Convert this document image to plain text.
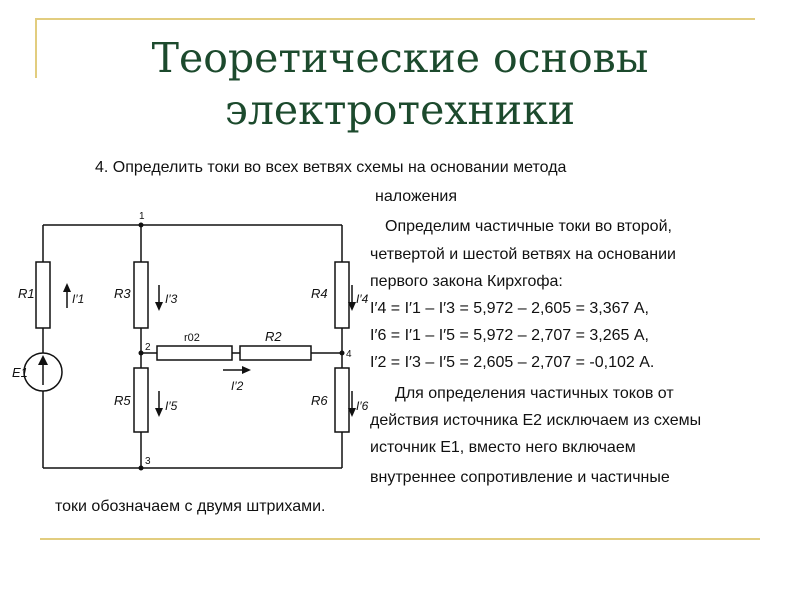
Теоретические основы
электротехники
4. Определить токи во всех ветвях схемы на основании метода
наложения
Определим частичные токи во второй,
четвертой и шестой ветвях на основании
первого закона Кирхгофа:
I′4 = I′1 – I′3 = 5,972 – 2,605 = 3,367 А,
I′6 = I′1 – I′5 = 5,972 – 2,707 = 3,265 А,
I′2 = I′3 – I′5 = 2,605 – 2,707 = -0,102 А.
Для определения частичных токов от
действия источника Е2 исключаем из схемы
источник Е1, вместо него включаем
внутреннее сопротивление и частичные
токи обозначаем с двумя штрихами.
1
2
3
4
R1	R3	R4
R5	R6
R2
r02
E1
I′1	I′3	I′4
I′5	I′6
I′2
